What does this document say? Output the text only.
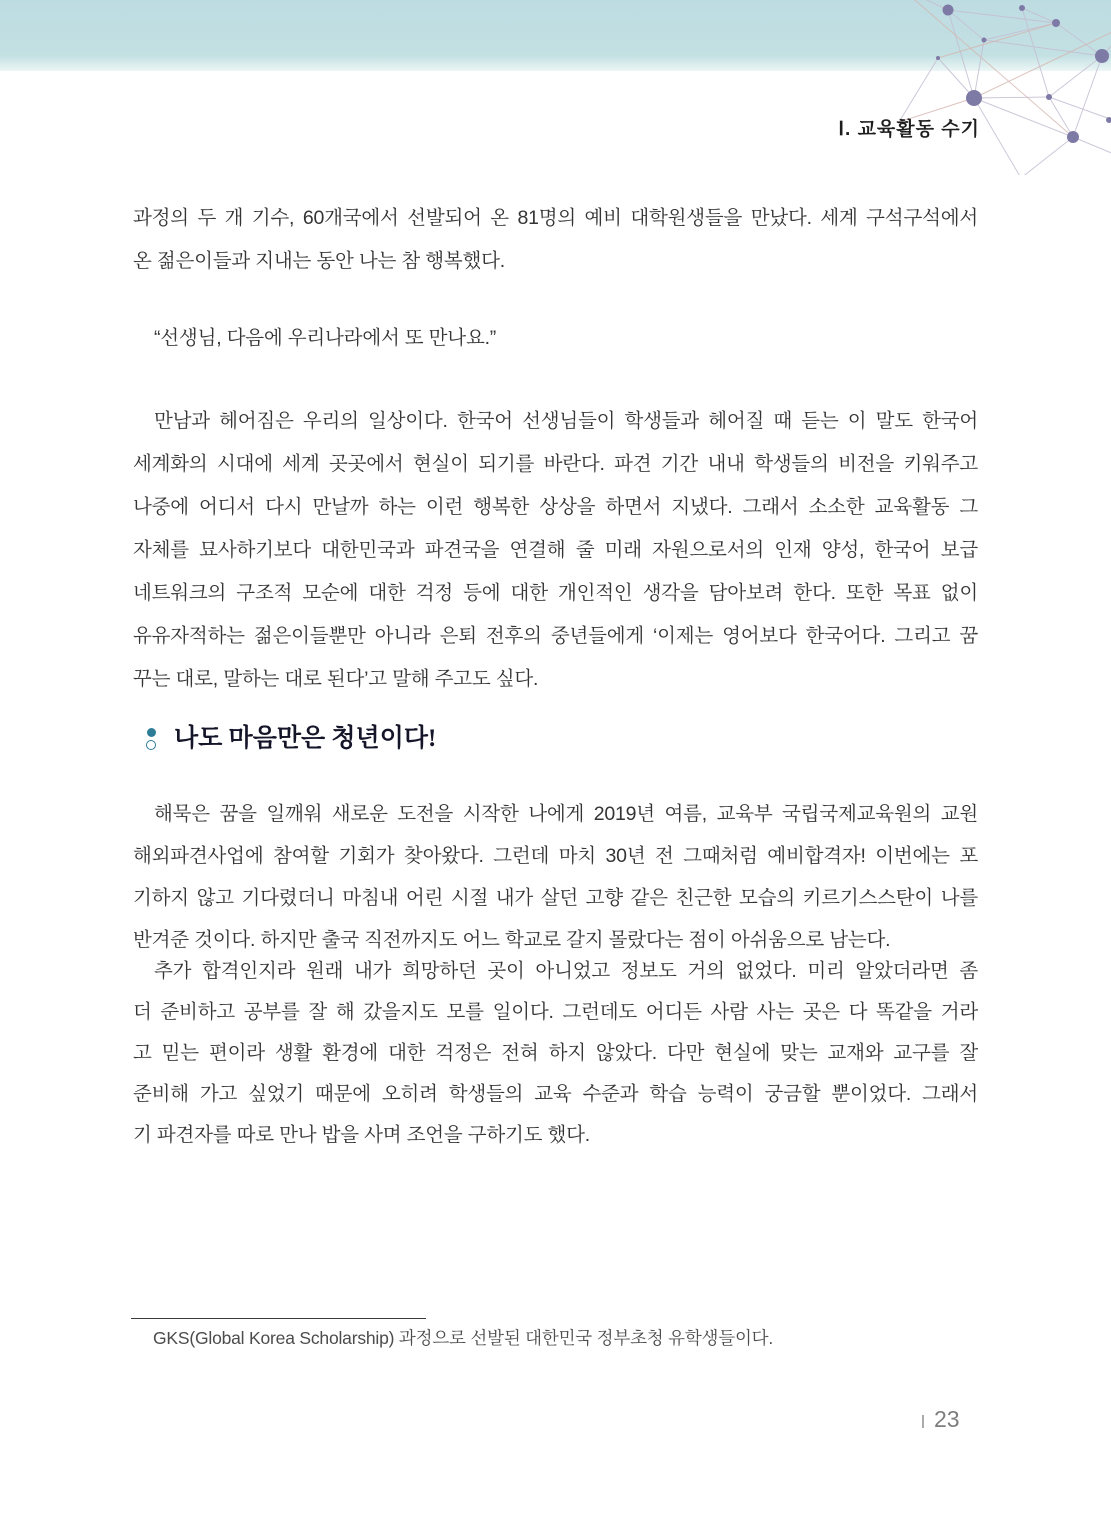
Ⅰ. 교육활동 수기
과정의 두 개 기수, 60개국에서 선발되어 온 81명의 예비 대학원생들을 만났다. 세계 구석구석에서
온 젊은이들과 지내는 동안 나는 참 행복했다.
“선생님, 다음에 우리나라에서 또 만나요.”
만남과 헤어짐은 우리의 일상이다. 한국어 선생님들이 학생들과 헤어질 때 듣는 이 말도 한국어
세계화의 시대에 세계 곳곳에서 현실이 되기를 바란다. 파견 기간 내내 학생들의 비전을 키워주고
나중에 어디서 다시 만날까 하는 이런 행복한 상상을 하면서 지냈다. 그래서 소소한 교육활동 그
자체를 묘사하기보다 대한민국과 파견국을 연결해 줄 미래 자원으로서의 인재 양성, 한국어 보급
네트워크의 구조적 모순에 대한 걱정 등에 대한 개인적인 생각을 담아보려 한다. 또한 목표 없이
유유자적하는 젊은이들뿐만 아니라 은퇴 전후의 중년들에게 ‘이제는 영어보다 한국어다. 그리고 꿈
꾸는 대로, 말하는 대로 된다’고 말해 주고도 싶다.
해묵은 꿈을 일깨워 새로운 도전을 시작한 나에게 2019년 여름, 교육부 국립국제교육원의 교원
해외파견사업에 참여할 기회가 찾아왔다. 그런데 마치 30년 전 그때처럼 예비합격자! 이번에는 포
기하지 않고 기다렸더니 마침내 어린 시절 내가 살던 고향 같은 친근한 모습의 키르기스스탄이 나를
반겨준 것이다. 하지만 출국 직전까지도 어느 학교로 갈지 몰랐다는 점이 아쉬움으로 남는다.
추가 합격인지라 원래 내가 희망하던 곳이 아니었고 정보도 거의 없었다. 미리 알았더라면 좀
더 준비하고 공부를 잘 해 갔을지도 모를 일이다. 그런데도 어디든 사람 사는 곳은 다 똑같을 거라
고 믿는 편이라 생활 환경에 대한 걱정은 전혀 하지 않았다. 다만 현실에 맞는 교재와 교구를 잘
준비해 가고 싶었기 때문에 오히려 학생들의 교육 수준과 학습 능력이 궁금할 뿐이었다. 그래서
기 파견자를 따로 만나 밥을 사며 조언을 구하기도 했다.
나도 마음만은 청년이다!
GKS(Global Korea Scholarship) 과정으로 선발된 대한민국 정부초청 유학생들이다.
23
